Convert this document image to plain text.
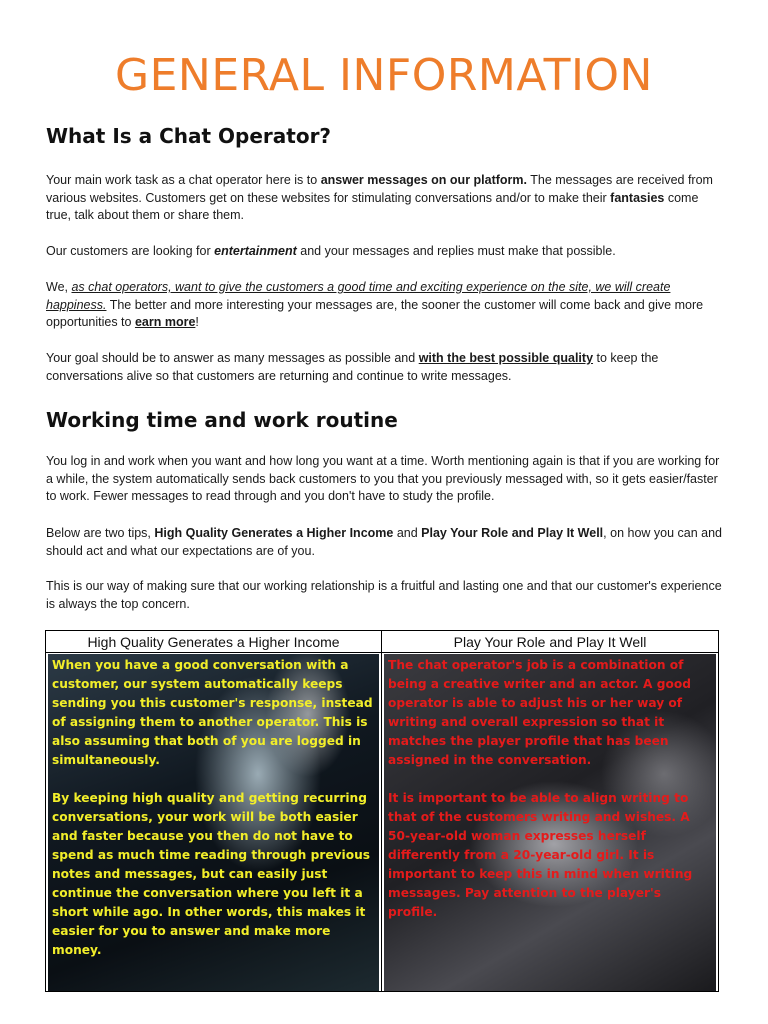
GENERAL INFORMATION
What Is a Chat Operator?

Your main work task as a chat operator here is to answer messages on our platform. The messages are received from various websites. Customers get on these websites for stimulating conversations and/or to make their fantasies come true, talk about them or share them.

Our customers are looking for entertainment and your messages and replies must make that possible.

We, as chat operators, want to give the customers a good time and exciting experience on the site, we will create happiness. The better and more interesting your messages are, the sooner the customer will come back and give more opportunities to earn more!

Your goal should be to answer as many messages as possible and with the best possible quality to keep the conversations alive so that customers are returning and continue to write messages.

Working time and work routine

You log in and work when you want and how long you want at a time. Worth mentioning again is that if you are working for a while, the system automatically sends back customers to you that you previously messaged with, so it gets easier/faster to work. Fewer messages to read through and you don't have to study the profile.

Below are two tips, High Quality Generates a Higher Income and Play Your Role and Play It Well, on how you can and should act and what our expectations are of you.

This is our way of making sure that our working relationship is a fruitful and lasting one and that our customer's experience is always the top concern.

High Quality Generates a Higher Income

When you have a good conversation with a customer, our system automatically keeps sending you this customer's response, instead of assigning them to another operator. This is also assuming that both of you are logged in simultaneously.

By keeping high quality and getting recurring conversations, your work will be both easier and faster because you then do not have to spend as much time reading through previous notes and messages, but can easily just continue the conversation where you left it a short while ago. In other words, this makes it easier for you to answer and make more money.

Play Your Role and Play It Well

The chat operator's job is a combination of being a creative writer and an actor. A good operator is able to adjust his or her way of writing and overall expression so that it matches the player profile that has been assigned in the conversation.

It is important to be able to align writing to that of the customers writing and wishes. A 50-year-old woman expresses herself differently from a 20-year-old girl. It is important to keep this in mind when writing messages. Pay attention to the player's profile.
